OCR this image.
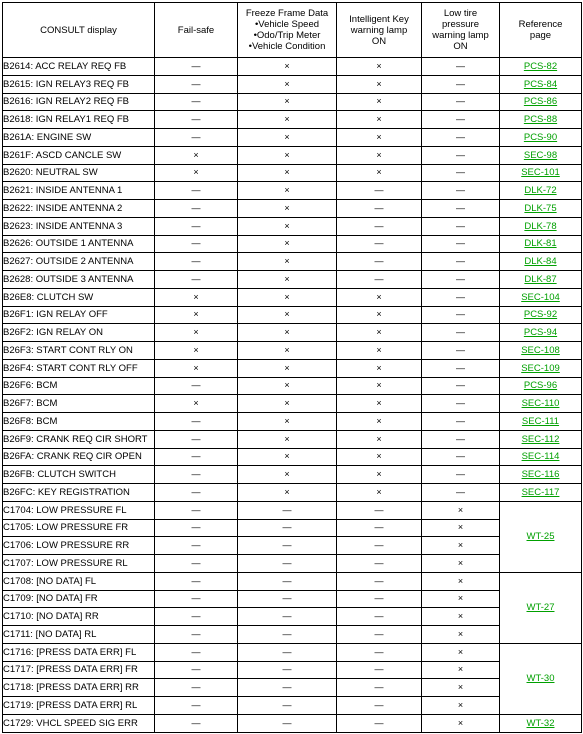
CONSULT display	Fail-safe	Freeze Frame Data
•Vehicle Speed
•Odo/Trip Meter
•Vehicle Condition	Intelligent Key
warning lamp
ON	Low tire
pressure
warning lamp
ON	Reference
page

B2614: ACC RELAY REQ FB	—	×	×	—	PCS-82
B2615: IGN RELAY3 REQ FB	—	×	×	—	PCS-84
B2616: IGN RELAY2 REQ FB	—	×	×	—	PCS-86
B2618: IGN RELAY1 REQ FB	—	×	×	—	PCS-88
B261A: ENGINE SW	—	×	×	—	PCS-90
B261F: ASCD CANCLE SW	×	×	×	—	SEC-98
B2620: NEUTRAL SW	×	×	×	—	SEC-101
B2621: INSIDE ANTENNA 1	—	×	—	—	DLK-72
B2622: INSIDE ANTENNA 2	—	×	—	—	DLK-75
B2623: INSIDE ANTENNA 3	—	×	—	—	DLK-78
B2626: OUTSIDE 1 ANTENNA	—	×	—	—	DLK-81
B2627: OUTSIDE 2 ANTENNA	—	×	—	—	DLK-84
B2628: OUTSIDE 3 ANTENNA	—	×	—	—	DLK-87
B26E8: CLUTCH SW	×	×	×	—	SEC-104
B26F1: IGN RELAY OFF	×	×	×	—	PCS-92
B26F2: IGN RELAY ON	×	×	×	—	PCS-94
B26F3: START CONT RLY ON	×	×	×	—	SEC-108
B26F4: START CONT RLY OFF	×	×	×	—	SEC-109
B26F6: BCM	—	×	×	—	PCS-96
B26F7: BCM	×	×	×	—	SEC-110
B26F8: BCM	—	×	×	—	SEC-111
B26F9: CRANK REQ CIR SHORT	—	×	×	—	SEC-112
B26FA: CRANK REQ CIR OPEN	—	×	×	—	SEC-114
B26FB: CLUTCH SWITCH	—	×	×	—	SEC-116
B26FC: KEY REGISTRATION	—	×	×	—	SEC-117
C1704: LOW PRESSURE FL	—	—	—	×	WT-25
C1705: LOW PRESSURE FR	—	—	—	×	
C1706: LOW PRESSURE RR	—	—	—	×	
C1707: LOW PRESSURE RL	—	—	—	×	
C1708: [NO DATA] FL	—	—	—	×	WT-27
C1709: [NO DATA] FR	—	—	—	×	
C1710: [NO DATA] RR	—	—	—	×	
C1711: [NO DATA] RL	—	—	—	×	
C1716: [PRESS DATA ERR] FL	—	—	—	×	WT-30
C1717: [PRESS DATA ERR] FR	—	—	—	×	
C1718: [PRESS DATA ERR] RR	—	—	—	×	
C1719: [PRESS DATA ERR] RL	—	—	—	×	
C1729: VHCL SPEED SIG ERR	—	—	—	×	WT-32
